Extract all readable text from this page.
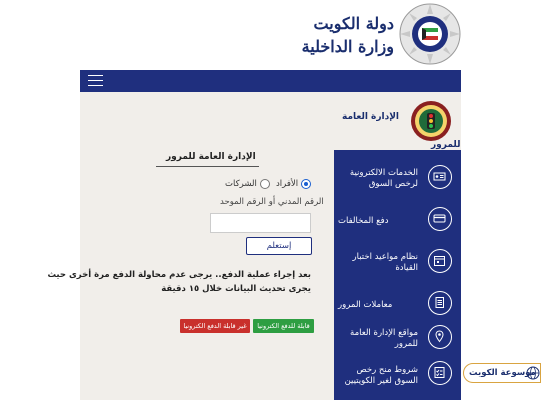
دولة الكويت
وزارة الداخلية
الإدارة
العامة
للمرور
الخدمات الالكترونية لرخص السوق
دفع المخالفات
نظام مواعيد اختبار القيادة
معاملات المرور
مواقع الإدارة العامة للمرور
شروط منح رخص السوق لغير الكويتيين
الإدارة العامة للمرور
الأفراد
الشركات
الرقم المدني أو الرقم الموحد
إستعلم
بعد إجراء عملية الدفع.. يرجى عدم محاولة الدفع مرة أخرى حيث
يجرى تحديث البيانات خلال ١٥ دقيقة
قابلة للدفع الكترونيا
غير قابلة الدفع الكترونيا
موسوعة الكويت
